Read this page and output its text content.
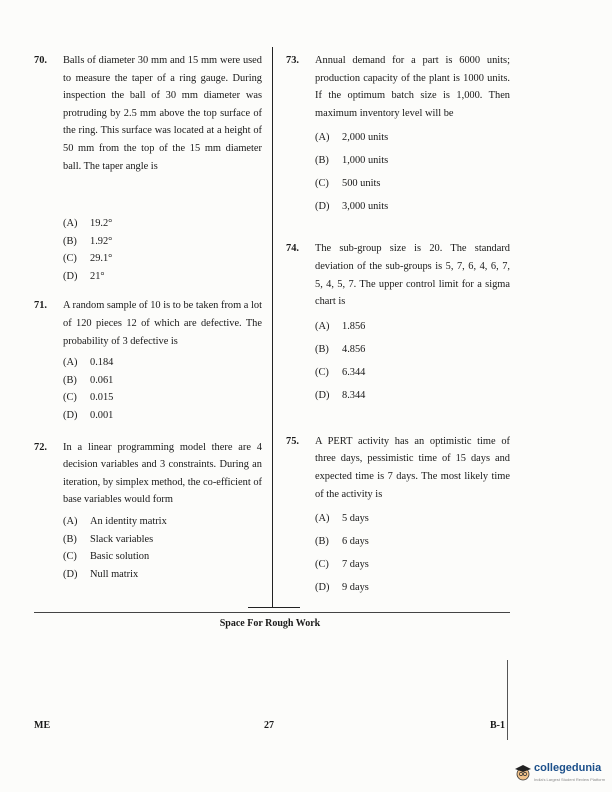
70. Balls of diameter 30 mm and 15 mm were used to measure the taper of a ring gauge. During inspection the ball of 30 mm diameter was protruding by 2.5 mm above the top surface of the ring. This surface was located at a height of 50 mm from the top of the 15 mm diameter ball. The taper angle is
(A) 19.2°
(B) 1.92°
(C) 29.1°
(D) 21°
71. A random sample of 10 is to be taken from a lot of 120 pieces 12 of which are defective. The probability of 3 defective is
(A) 0.184
(B) 0.061
(C) 0.015
(D) 0.001
72. In a linear programming model there are 4 decision variables and 3 constraints. During an iteration, by simplex method, the co-efficient of base variables would form
(A) An identity matrix
(B) Slack variables
(C) Basic solution
(D) Null matrix
73. Annual demand for a part is 6000 units; production capacity of the plant is 1000 units. If the optimum batch size is 1,000. Then maximum inventory level will be
(A) 2,000 units
(B) 1,000 units
(C) 500 units
(D) 3,000 units
74. The sub-group size is 20. The standard deviation of the sub-groups is 5, 7, 6, 4, 6, 7, 5, 4, 5, 7. The upper control limit for a sigma chart is
(A) 1.856
(B) 4.856
(C) 6.344
(D) 8.344
75. A PERT activity has an optimistic time of three days, pessimistic time of 15 days and expected time is 7 days. The most likely time of the activity is
(A) 5 days
(B) 6 days
(C) 7 days
(D) 9 days
Space For Rough Work
ME	27	B-1
collegedunia
India's Largest Student Review Platform
